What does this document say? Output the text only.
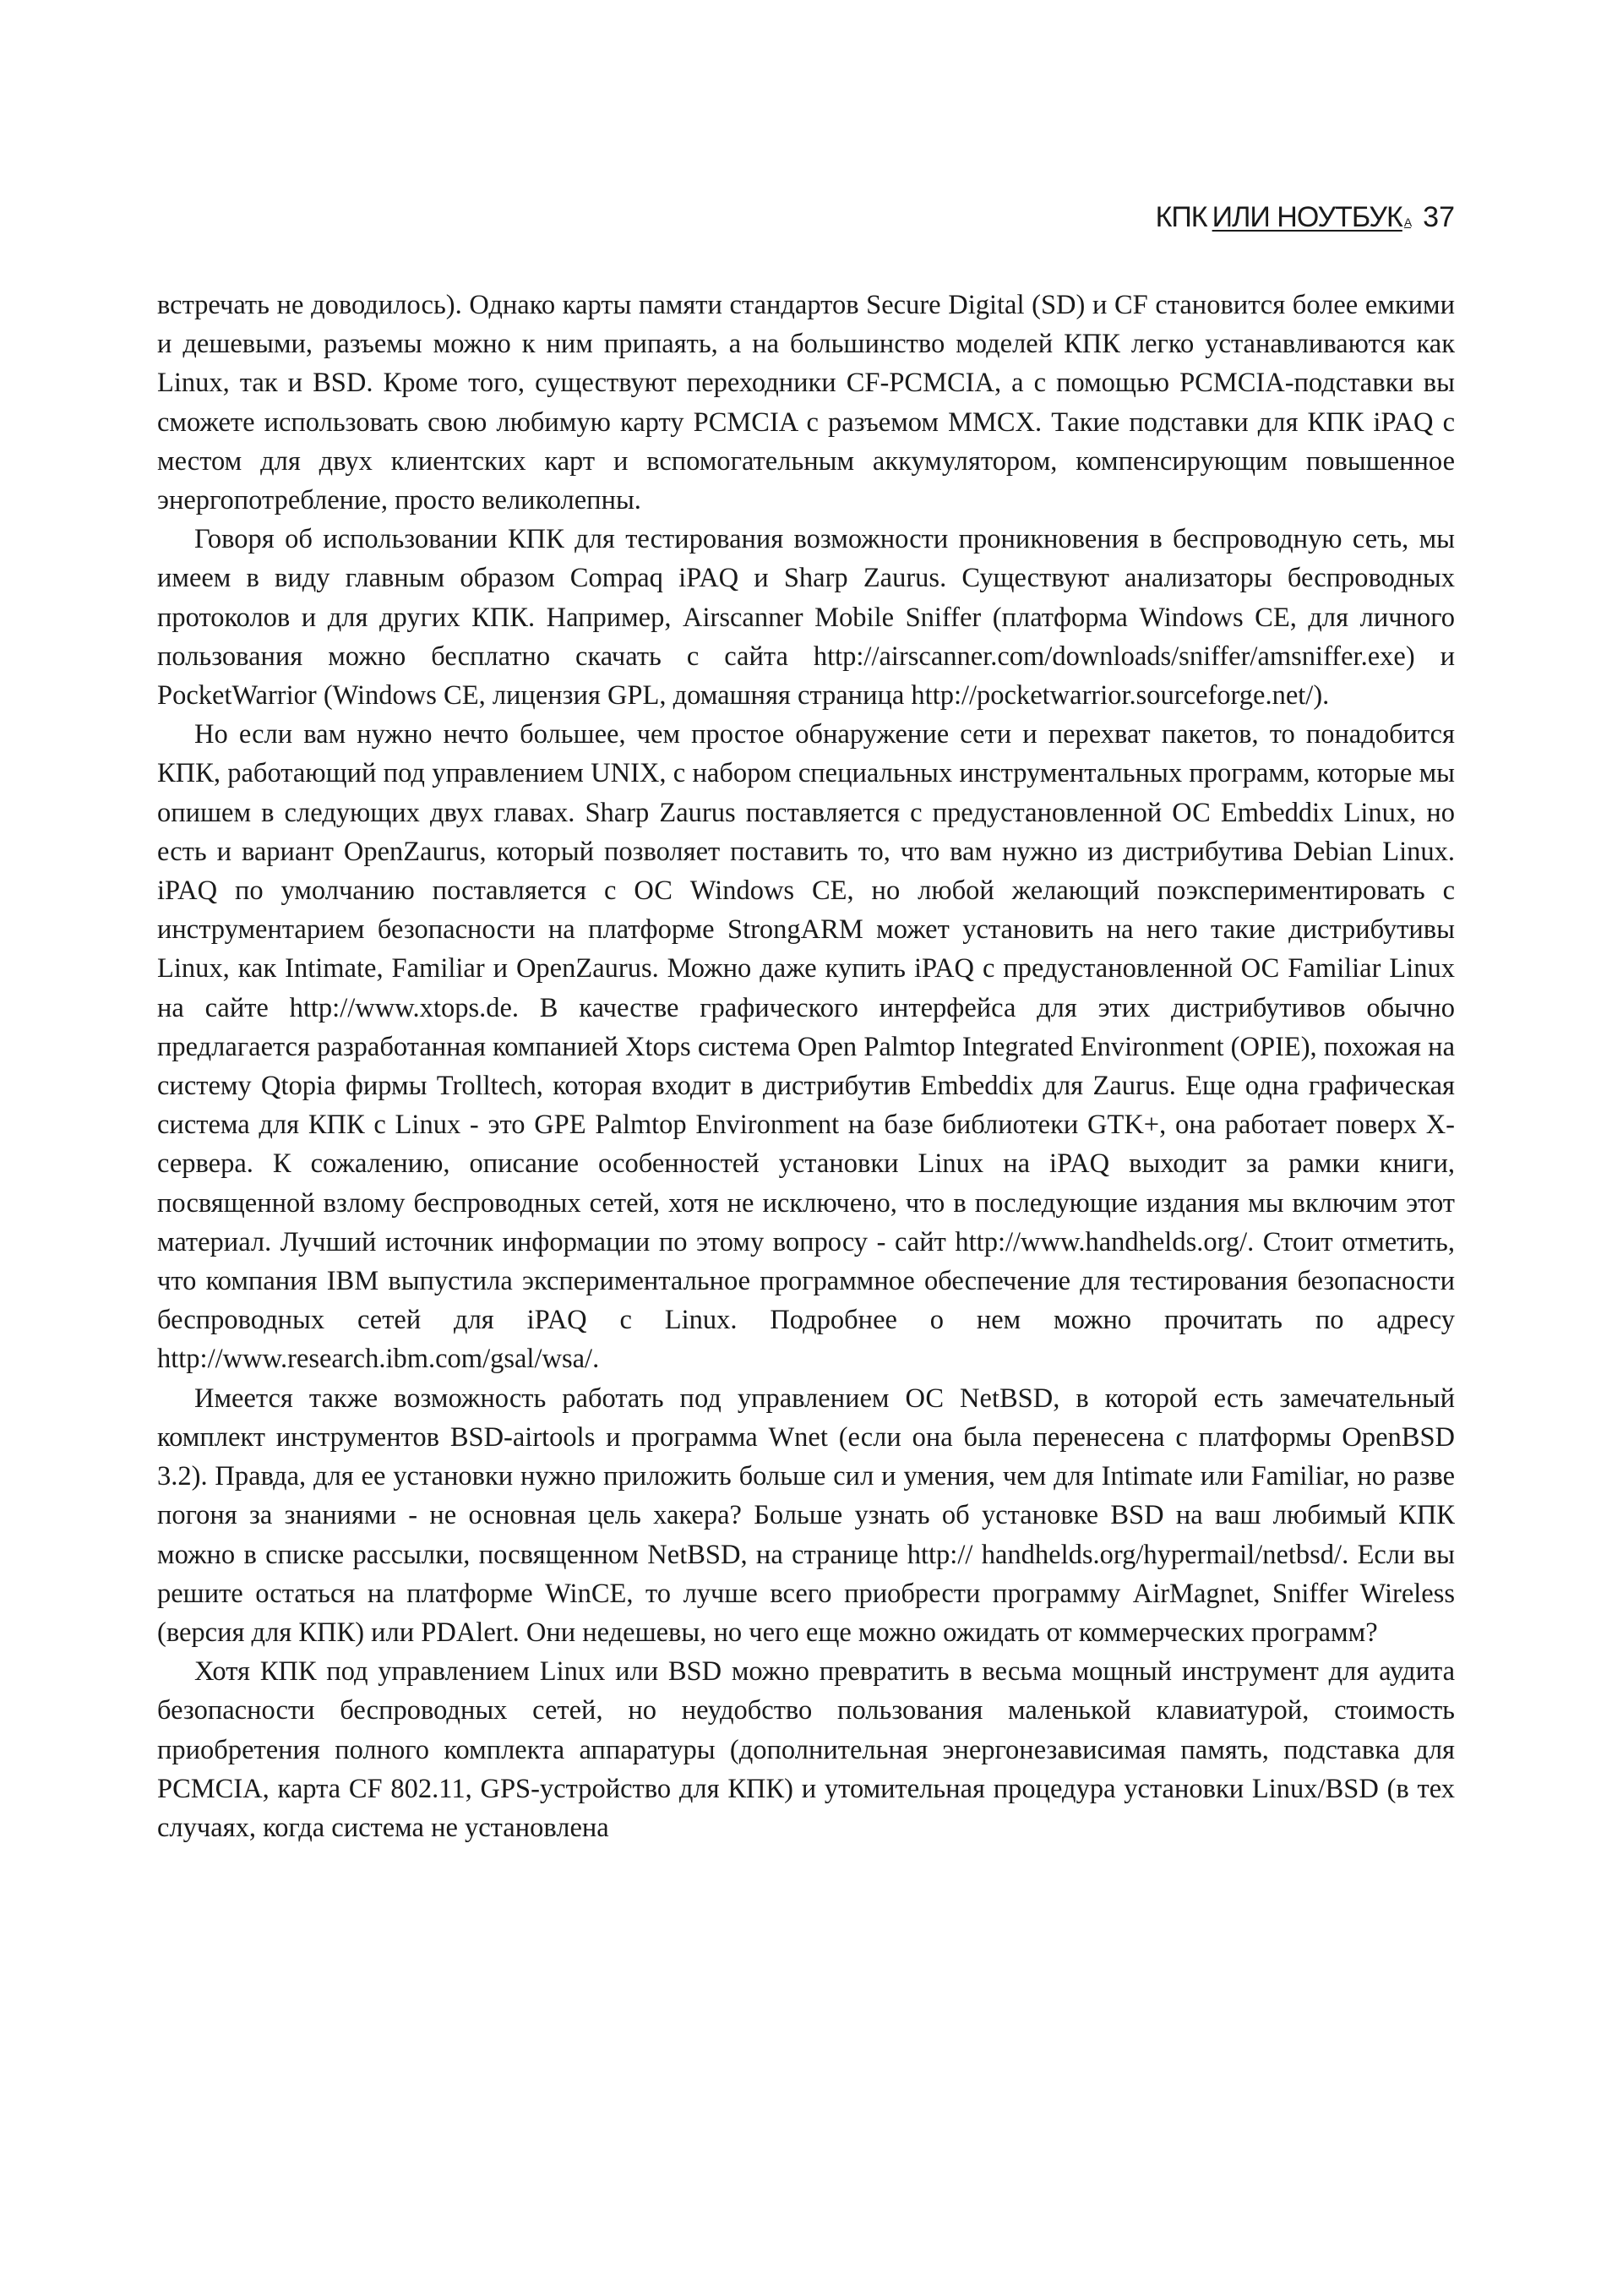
КПК ИЛИ НОУТБУК А 37

встречать не доводилось). Однако карты памяти стандартов Secure Digital (SD) и CF становится более емкими и дешевыми, разъемы можно к ним припаять, а на большинство моделей КПК легко устанавливаются как Linux, так и BSD. Кроме того, существуют переходники CF-PCMCIA, а с помощью PCMCIA-подставки вы сможете использовать свою любимую карту PCMCIA с разъемом MMCX. Такие подставки для КПК iPAQ с местом для двух клиентских карт и вспомогательным аккумулятором, компенсирующим повышенное энергопотребление, просто великолепны.

Говоря об использовании КПК для тестирования возможности проникновения в беспроводную сеть, мы имеем в виду главным образом Compaq iPAQ и Sharp Zaurus. Существуют анализаторы беспроводных протоколов и для других КПК. Например, Airscanner Mobile Sniffer (платформа Windows CE, для личного пользования можно бесплатно скачать с сайта http://airscanner.com/downloads/sniffer/amsniffer.exe) и PocketWarrior (Windows CE, лицензия GPL, домашняя страница http://pocketwarrior.sourceforge.net/).

Но если вам нужно нечто большее, чем простое обнаружение сети и перехват пакетов, то понадобится КПК, работающий под управлением UNIX, с набором специальных инструментальных программ, которые мы опишем в следующих двух главах. Sharp Zaurus поставляется с предустановленной ОС Embeddix Linux, но есть и вариант OpenZaurus, который позволяет поставить то, что вам нужно из дистрибутива Debian Linux. iPAQ по умолчанию поставляется с ОС Windows CE, но любой желающий поэкспериментировать с инструментарием безопасности на платформе StrongARM может установить на него такие дистрибутивы Linux, как Intimate, Familiar и OpenZaurus. Можно даже купить iPAQ с предустановленной ОС Familiar Linux на сайте http://www.xtops.de. В качестве графического интерфейса для этих дистрибутивов обычно предлагается разработанная компанией Xtops система Open Palmtop Integrated Environment (OPIE), похожая на систему Qtopia фирмы Trolltech, которая входит в дистрибутив Embeddix для Zaurus. Еще одна графическая система для КПК с Linux - это GPE Palmtop Environment на базе библиотеки GTK+, она работает поверх X-сервера. К сожалению, описание особенностей установки Linux на iPAQ выходит за рамки книги, посвященной взлому беспроводных сетей, хотя не исключено, что в последующие издания мы включим этот материал. Лучший источник информации по этому вопросу - сайт http://www.handhelds.org/. Стоит отметить, что компания IBM выпустила экспериментальное программное обеспечение для тестирования безопасности беспроводных сетей для iPAQ с Linux. Подробнее о нем можно прочитать по адресу http://www.research.ibm.com/gsal/wsa/.

Имеется также возможность работать под управлением ОС NetBSD, в которой есть замечательный комплект инструментов BSD-airtools и программа Wnet (если она была перенесена с платформы OpenBSD 3.2). Правда, для ее установки нужно приложить больше сил и умения, чем для Intimate или Familiar, но разве погоня за знаниями - не основная цель хакера? Больше узнать об установке BSD на ваш любимый КПК можно в списке рассылки, посвященном NetBSD, на странице http:// handhelds.org/hypermail/netbsd/. Если вы решите остаться на платформе WinCE, то лучше всего приобрести программу AirMagnet, Sniffer Wireless (версия для КПК) или PDAlert. Они недешевы, но чего еще можно ожидать от коммерческих программ?

Хотя КПК под управлением Linux или BSD можно превратить в весьма мощный инструмент для аудита безопасности беспроводных сетей, но неудобство пользования маленькой клавиатурой, стоимость приобретения полного комплекта аппаратуры (дополнительная энергонезависимая память, подставка для PCMCIA, карта CF 802.11, GPS-устройство для КПК) и утомительная процедура установки Linux/BSD (в тех случаях, когда система не установлена
